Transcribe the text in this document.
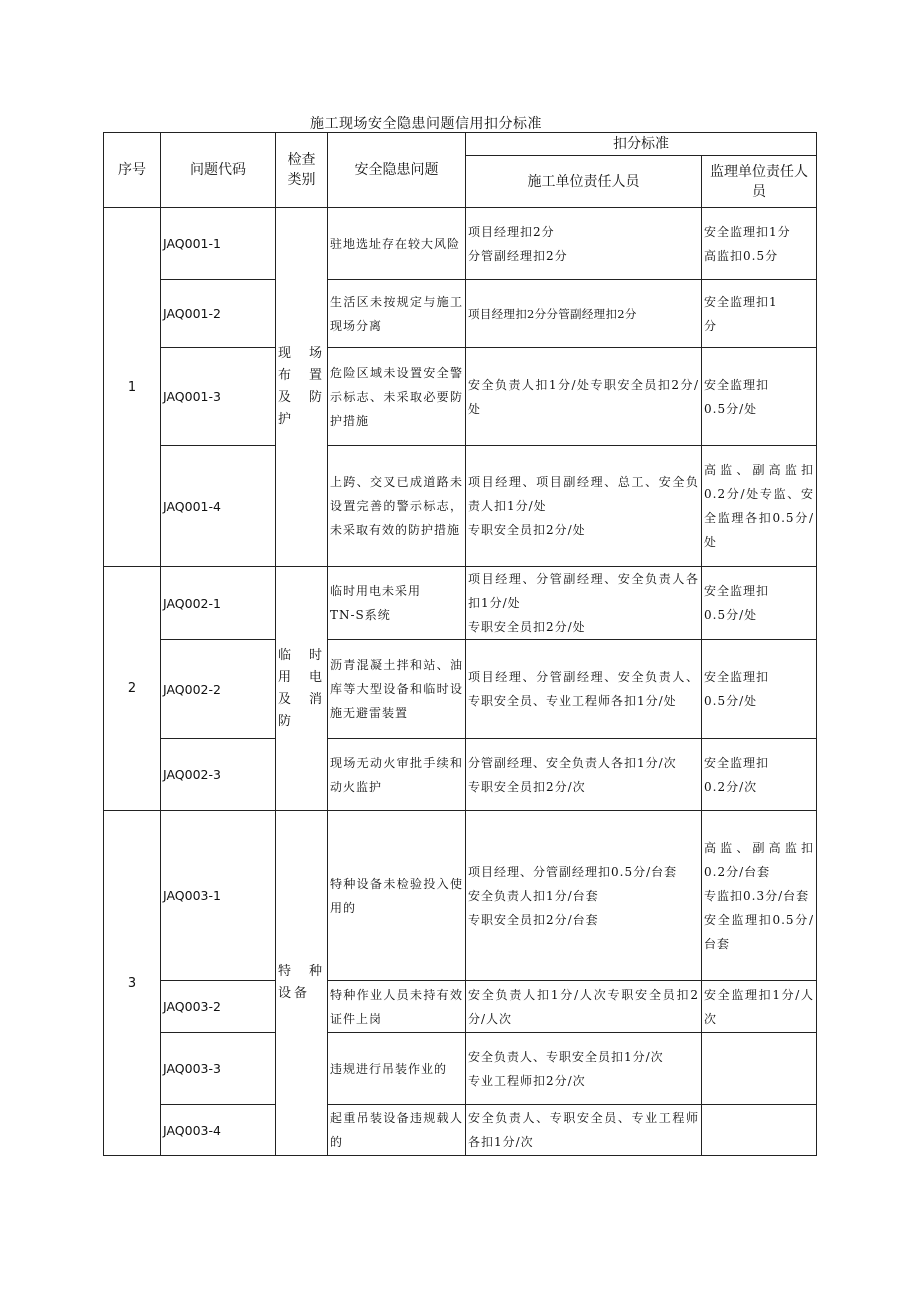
施工现场安全隐患问题信用扣分标准
序号	问题代码	检查类别	安全隐患问题	扣分标准	
				施工单位责任人员	监理单位责任人员
1	JAQ001-1	现场布置及防护	驻地选址存在较大风险	项目经理扣2分
分管副经理扣2分	安全监理扣1分
高监扣0.5分
	JAQ001-2		生活区未按规定与施工现场分离	项目经理扣2分分管副经理扣2分	安全监理扣1
分
	JAQ001-3		危险区域未设置安全警示标志、未采取必要防护措施	安全负责人扣1分/处专职安全员扣2分/处	安全监理扣
0.5分/处
	JAQ001-4		上跨、交叉已成道路未设置完善的警示标志，未采取有效的防护措施	项目经理、项目副经理、总工、安全负责人扣1分/处
专职安全员扣2分/处	高监、副高监扣0.2分/处专监、安全监理各扣0.5分/处
2	JAQ002-1	临时用电及消防	临时用电未采用
TN-S系统	项目经理、分管副经理、安全负责人各扣1分/处
专职安全员扣2分/处	安全监理扣
0.5分/处
	JAQ002-2		沥青混凝土拌和站、油库等大型设备和临时设施无避雷装置	项目经理、分管副经理、安全负责人、专职安全员、专业工程师各扣1分/处	安全监理扣
0.5分/处
	JAQ002-3		现场无动火审批手续和动火监护	分管副经理、安全负责人各扣1分/次
专职安全员扣2分/次	安全监理扣
0.2分/次
3	JAQ003-1	特种设备	特种设备未检验投入使用的	项目经理、分管副经理扣0.5分/台套
安全负责人扣1分/台套
专职安全员扣2分/台套	高监、副高监扣0.2分/台套
专监扣0.3分/台套
安全监理扣0.5分/台套
	JAQ003-2		特种作业人员未持有效证件上岗	安全负责人扣1分/人次专职安全员扣2分/人次	安全监理扣1分/人次
	JAQ003-3		违规进行吊装作业的	安全负责人、专职安全员扣1分/次
专业工程师扣2分/次	
	JAQ003-4		起重吊装设备违规载人的	安全负责人、专职安全员、专业工程师各扣1分/次	
